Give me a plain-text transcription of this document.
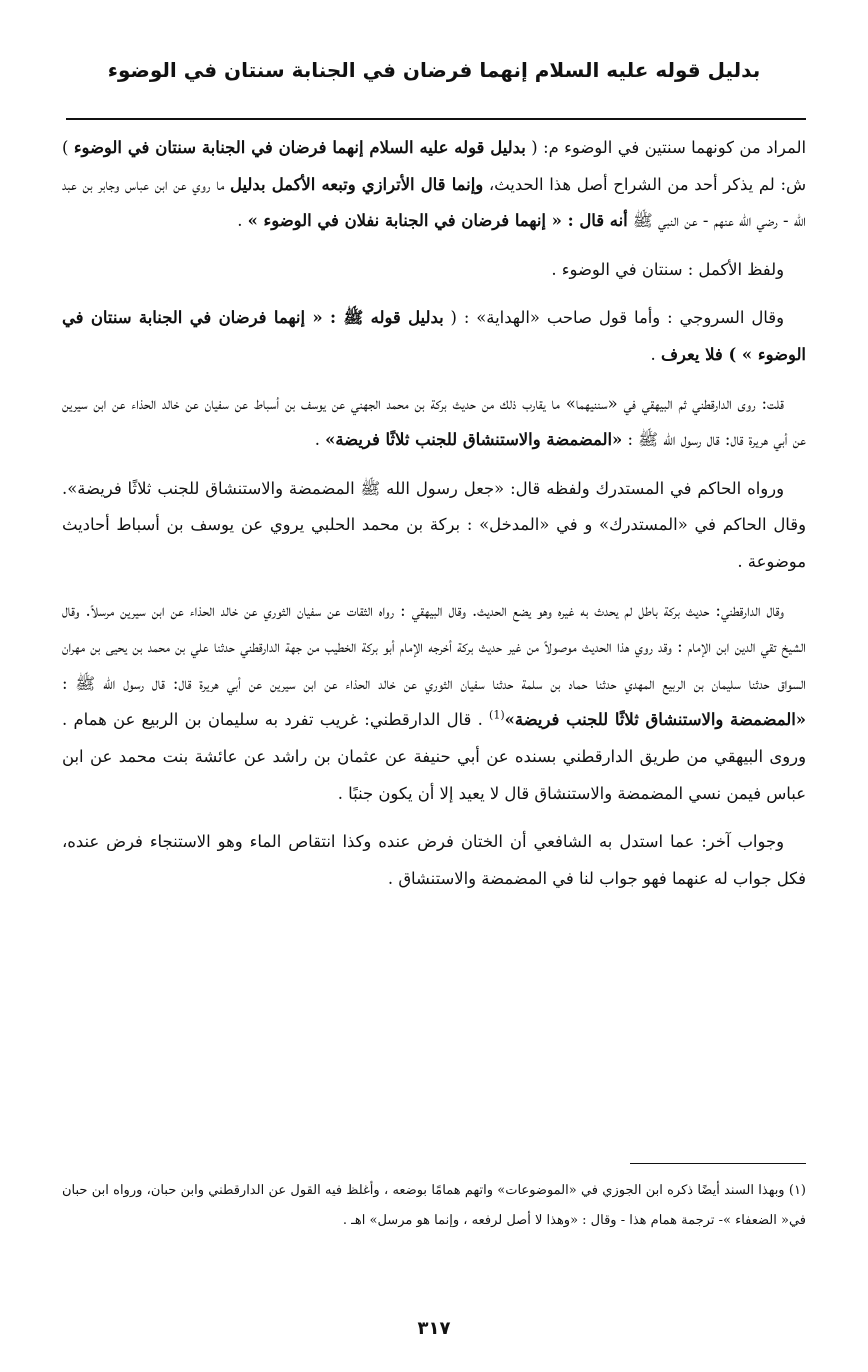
بدليل قوله عليه السلام إنهما فرضان في الجنابة سنتان في الوضوء

المراد من كونهما سنتين في الوضوء م: ( بدليل قوله عليه السلام إنهما فرضان في الجنابة سنتان في الوضوء ) ش: لم يذكر أحد من الشراح أصل هذا الحديث، وإنما قال الأترازي وتبعه الأكمل بدليل ما روي عن ابن عباس وجابر بن عبد الله - رضي الله عنهم - عن النبي ﷺ أنه قال : « إنهما فرضان في الجنابة نفلان في الوضوء » .

ولفظ الأكمل : سنتان في الوضوء .

وقال السروجي : وأما قول صاحب «الهداية» : ( بدليل قوله ﷺ : « إنهما فرضان في الجنابة سنتان في الوضوء » ) فلا يعرف .

قلت: روى الدارقطني ثم البيهقي في «سننيهما» ما يقارب ذلك من حديث بركة بن محمد الجهني عن يوسف بن أسباط عن سفيان عن خالد الحذاء عن ابن سيرين عن أبي هريرة قال: قال رسول الله ﷺ : «المضمضة والاستنشاق للجنب ثلاثًا فريضة» .

ورواه الحاكم في المستدرك ولفظه قال: «جعل رسول الله ﷺ المضمضة والاستنشاق للجنب ثلاثًا فريضة». وقال الحاكم في «المستدرك» و في «المدخل» : بركة بن محمد الحلبي يروي عن يوسف بن أسباط أحاديث موضوعة .

وقال الدارقطني: حديث بركة باطل لم يحدث به غيره وهو يضع الحديث. وقال البيهقي : رواه الثقات عن سفيان الثوري عن خالد الحذاء عن ابن سيرين مرسلاً. وقال الشيخ تقي الدين ابن الإمام : وقد روي هذا الحديث موصولاً من غير حديث بركة أخرجه الإمام أبو بركة الخطيب من جهة الدارقطني حدثنا علي بن محمد بن يحيى بن مهران السواق حدثنا سليمان بن الربيع المهدي حدثنا حماد بن سلمة حدثنا سفيان الثوري عن خالد الحذاء عن ابن سيرين عن أبي هريرة قال: قال رسول الله ﷺ : «المضمضة والاستنشاق ثلاثًا للجنب فريضة»$^{(1)}$ . قال الدارقطني: غريب تفرد به سليمان بن الربيع عن همام . وروى البيهقي من طريق الدارقطني بسنده عن أبي حنيفة عن عثمان بن راشد عن عائشة بنت محمد عن ابن عباس فيمن نسي المضمضة والاستنشاق قال لا يعيد إلا أن يكون جنبًا .

وجواب آخر: عما استدل به الشافعي أن الختان فرض عنده وكذا انتقاص الماء وهو الاستنجاء فرض عنده، فكل جواب له عنهما فهو جواب لنا في المضمضة والاستنشاق .

(١) وبهذا السند أيضًا ذكره ابن الجوزي في «الموضوعات» واتهم همامًا بوضعه ، وأغلظ فيه القول عن الدارقطني وابن حبان، ورواه ابن حبان في« الضعفاء »- ترجمة همام هذا - وقال : «وهذا لا أصل لرفعه ، وإنما هو مرسل» اهـ .
٣١٧
